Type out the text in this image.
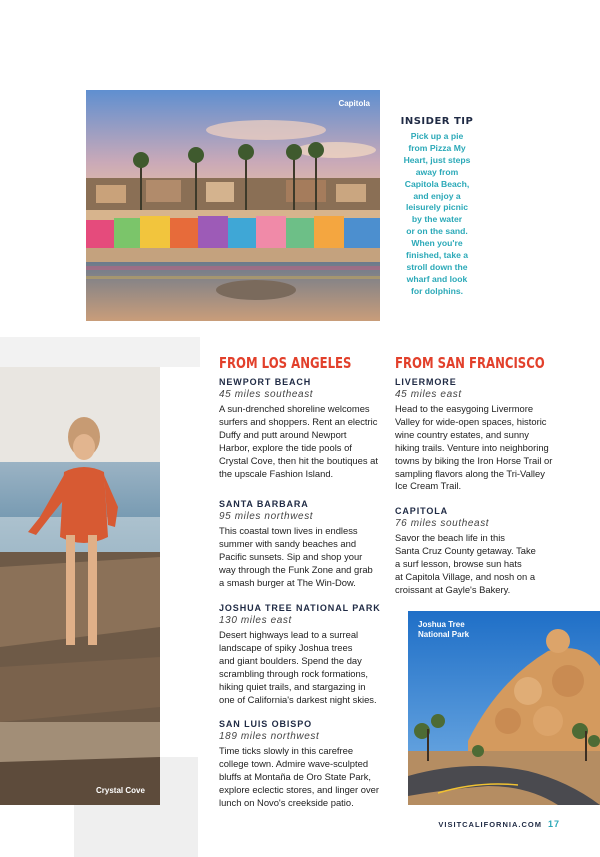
Capitola
INSIDER TIP
Pick up a pie
from Pizza My
Heart, just steps
away from
Capitola Beach,
and enjoy a
leisurely picnic
by the water
or on the sand.
When you're
finished, take a
stroll down the
wharf and look
for dolphins.
Crystal Cove
Joshua Tree
National Park
FROM LOS ANGELES
NEWPORT BEACH
45 miles southeast
A sun-drenched shoreline welcomes
surfers and shoppers. Rent an electric
Duffy and putt around Newport
Harbor, explore the tide pools of
Crystal Cove, then hit the boutiques at
the upscale Fashion Island.
SANTA BARBARA
95 miles northwest
This coastal town lives in endless
summer with sandy beaches and
Pacific sunsets. Sip and shop your
way through the Funk Zone and grab
a smash burger at The Win-Dow.
JOSHUA TREE NATIONAL PARK
130 miles east
Desert highways lead to a surreal
landscape of spiky Joshua trees
and giant boulders. Spend the day
scrambling through rock formations,
hiking quiet trails, and stargazing in
one of California's darkest night skies.
SAN LUIS OBISPO
189 miles northwest
Time ticks slowly in this carefree
college town. Admire wave-sculpted
bluffs at Montaña de Oro State Park,
explore eclectic stores, and linger over
lunch on Novo's creekside patio.
FROM SAN FRANCISCO
LIVERMORE
45 miles east
Head to the easygoing Livermore
Valley for wide-open spaces, historic
wine country estates, and sunny
hiking trails. Venture into neighboring
towns by biking the Iron Horse Trail or
sampling flavors along the Tri-Valley
Ice Cream Trail.
CAPITOLA
76 miles southeast
Savor the beach life in this
Santa Cruz County getaway. Take
a surf lesson, browse sun hats
at Capitola Village, and nosh on a
croissant at Gayle's Bakery.
VISITCALIFORNIA.COM 17
